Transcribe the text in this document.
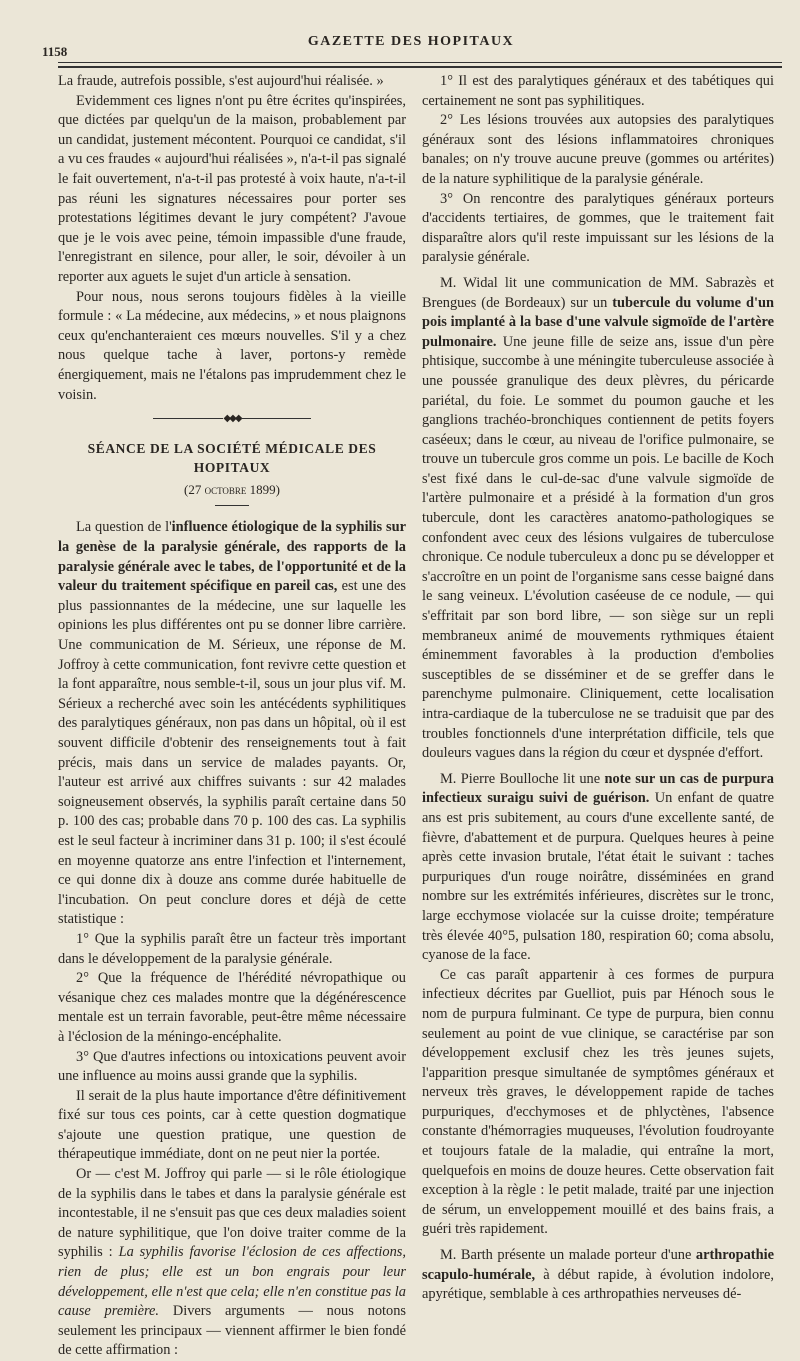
1158
GAZETTE DES HOPITAUX

La fraude, autrefois possible, s'est aujourd'hui réalisée. »

Evidemment ces lignes n'ont pu être écrites qu'inspirées, que dictées par quelqu'un de la maison, probablement par un candidat, justement mécontent. Pourquoi ce candidat, s'il a vu ces fraudes « aujourd'hui réalisées », n'a-t-il pas signalé le fait ouvertement, n'a-t-il pas protesté à voix haute, n'a-t-il pas réuni les signatures nécessaires pour porter ses protestations légitimes devant le jury compétent? J'avoue que je le vois avec peine, témoin impassible d'une fraude, l'enregistrant en silence, pour aller, le soir, dévoiler à un reporter aux aguets le sujet d'un article à sensation.

Pour nous, nous serons toujours fidèles à la vieille formule : « La médecine, aux médecins, » et nous plaignons ceux qu'enchanteraient ces mœurs nouvelles. S'il y a chez nous quelque tache à laver, portons-y remède énergiquement, mais ne l'étalons pas imprudemment chez le voisin.

◆◆◆
SÉANCE DE LA SOCIÉTÉ MÉDICALE DES HOPITAUX
(27 octobre 1899)

La question de l'influence étiologique de la syphilis sur la genèse de la paralysie générale, des rapports de la paralysie générale avec le tabes, de l'opportunité et de la valeur du traitement spécifique en pareil cas, est une des plus passionnantes de la médecine, une sur laquelle les opinions les plus différentes ont pu se donner libre carrière. Une communication de M. Sérieux, une réponse de M. Joffroy à cette communication, font revivre cette question et la font apparaître, nous semble-t-il, sous un jour plus vif. M. Sérieux a recherché avec soin les antécédents syphilitiques des paralytiques généraux, non pas dans un hôpital, où il est souvent difficile d'obtenir des renseignements tout à fait précis, mais dans un service de malades payants. Or, l'auteur est arrivé aux chiffres suivants : sur 42 malades soigneusement observés, la syphilis paraît certaine dans 50 p. 100 des cas; probable dans 70 p. 100 des cas. La syphilis est le seul facteur à incriminer dans 31 p. 100; il s'est écoulé en moyenne quatorze ans entre l'infection et l'internement, ce qui donne dix à douze ans comme durée habituelle de l'incubation. On peut conclure dores et déjà de cette statistique :

1° Que la syphilis paraît être un facteur très important dans le développement de la paralysie générale.

2° Que la fréquence de l'hérédité névropathique ou vésanique chez ces malades montre que la dégénérescence mentale est un terrain favorable, peut-être même nécessaire à l'éclosion de la méningo-encéphalite.

3° Que d'autres infections ou intoxications peuvent avoir une influence au moins aussi grande que la syphilis.

Il serait de la plus haute importance d'être définitivement fixé sur tous ces points, car à cette question dogmatique s'ajoute une question pratique, une question de thérapeutique immédiate, dont on ne peut nier la portée.

Or — c'est M. Joffroy qui parle — si le rôle étiologique de la syphilis dans le tabes et dans la paralysie générale est incontestable, il ne s'ensuit pas que ces deux maladies soient de nature syphilitique, que l'on doive traiter comme de la syphilis : La syphilis favorise l'éclosion de ces affections, rien de plus; elle est un bon engrais pour leur développement, elle n'est que cela; elle n'en constitue pas la cause première. Divers arguments — nous notons seulement les principaux — viennent affirmer le bien fondé de cette affirmation :

1° Il est des paralytiques généraux et des tabétiques qui certainement ne sont pas syphilitiques.

2° Les lésions trouvées aux autopsies des paralytiques généraux sont des lésions inflammatoires chroniques banales; on n'y trouve aucune preuve (gommes ou artérites) de la nature syphilitique de la paralysie générale.

3° On rencontre des paralytiques généraux porteurs d'accidents tertiaires, de gommes, que le traitement fait disparaître alors qu'il reste impuissant sur les lésions de la paralysie générale.

M. Widal lit une communication de MM. Sabrazès et Brengues (de Bordeaux) sur un tubercule du volume d'un pois implanté à la base d'une valvule sigmoïde de l'artère pulmonaire. Une jeune fille de seize ans, issue d'un père phtisique, succombe à une méningite tuberculeuse associée à une poussée granulique des deux plèvres, du péricarde pariétal, du foie. Le sommet du poumon gauche et les ganglions trachéo-bronchiques contiennent de petits foyers caséeux; dans le cœur, au niveau de l'orifice pulmonaire, se trouve un tubercule gros comme un pois. Le bacille de Koch s'est fixé dans le cul-de-sac d'une valvule sigmoïde de l'artère pulmonaire et a présidé à la formation d'un gros tubercule, dont les caractères anatomo-pathologiques se confondent avec ceux des lésions vulgaires de tuberculose chronique. Ce nodule tuberculeux a donc pu se développer et s'accroître en un point de l'organisme sans cesse baigné dans le sang veineux. L'évolution caséeuse de ce nodule, — qui s'effritait par son bord libre, — son siège sur un repli membraneux animé de mouvements rythmiques étaient éminemment favorables à la production d'embolies susceptibles de se disséminer et de se greffer dans le parenchyme pulmonaire. Cliniquement, cette localisation intra-cardiaque de la tuberculose ne se traduisit que par des troubles fonctionnels d'une interprétation difficile, tels que douleurs vagues dans la région du cœur et dyspnée d'effort.

M. Pierre Boulloche lit une note sur un cas de purpura infectieux suraigu suivi de guérison. Un enfant de quatre ans est pris subitement, au cours d'une excellente santé, de fièvre, d'abattement et de purpura. Quelques heures à peine après cette invasion brutale, l'état était le suivant : taches purpuriques d'un rouge noirâtre, disséminées en grand nombre sur les extrémités inférieures, discrètes sur le tronc, large ecchymose violacée sur la cuisse droite; température très élevée 40°5, pulsation 180, respiration 60; coma absolu, cyanose de la face.

Ce cas paraît appartenir à ces formes de purpura infectieux décrites par Guelliot, puis par Hénoch sous le nom de purpura fulminant. Ce type de purpura, bien connu seulement au point de vue clinique, se caractérise par son développement exclusif chez les très jeunes sujets, l'apparition presque simultanée de symptômes généraux et nerveux très graves, le développement rapide de taches purpuriques, d'ecchymoses et de phlyctènes, l'absence constante d'hémorragies muqueuses, l'évolution foudroyante et toujours fatale de la maladie, qui entraîne la mort, quelquefois en moins de douze heures. Cette observation fait exception à la règle : le petit malade, traité par une injection de sérum, un enveloppement mouillé et des bains frais, a guéri très rapidement.

M. Barth présente un malade porteur d'une arthropathie scapulo-humérale, à début rapide, à évolution indolore, apyrétique, semblable à ces arthropathies nerveuses dé-
